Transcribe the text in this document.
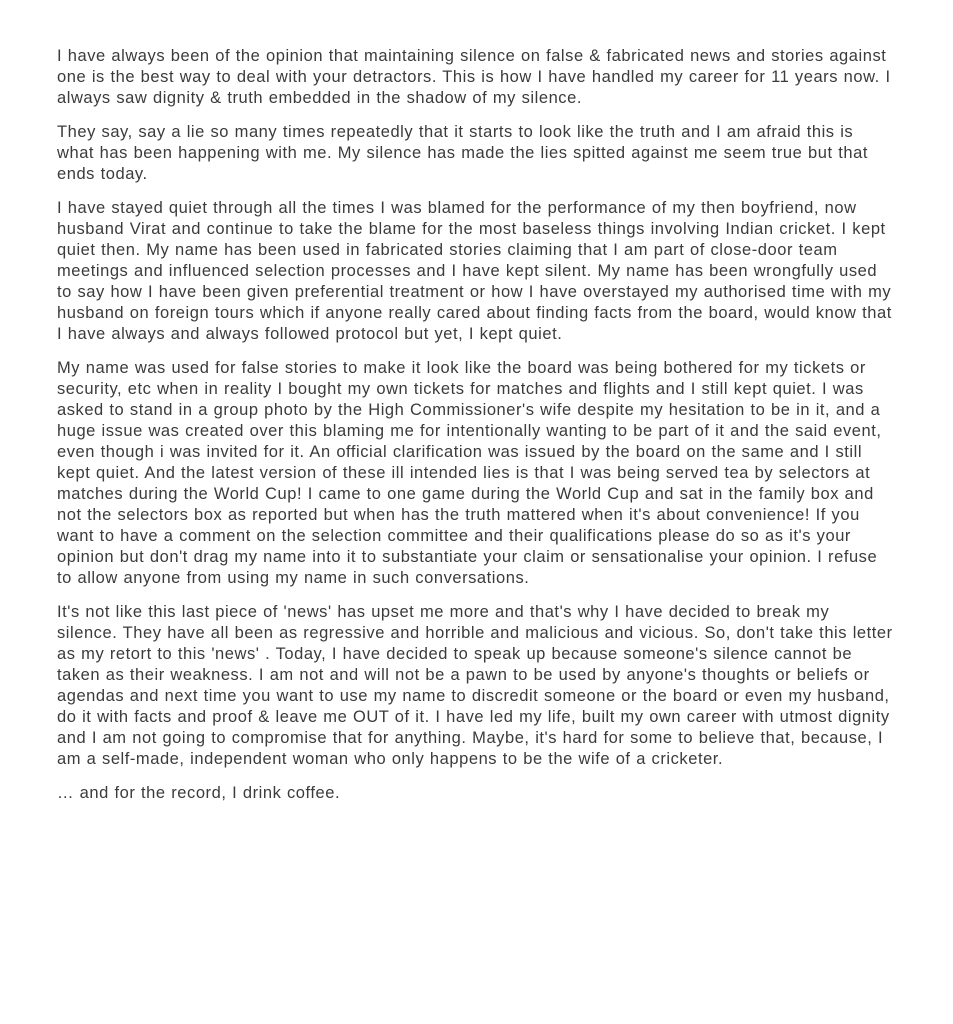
I have always been of the opinion that maintaining silence on false & fabricated news and stories against one is the best way to deal with your detractors. This is how I have handled my career for 11 years now. I always saw dignity & truth embedded in the shadow of my silence.

They say, say a lie so many times repeatedly that it starts to look like the truth and I am afraid this is what has been happening with me. My silence has made the lies spitted against me seem true but that ends today.

I have stayed quiet through all the times I was blamed for the performance of my then boyfriend, now husband Virat and continue to take the blame for the most baseless things involving Indian cricket. I kept quiet then. My name has been used in fabricated stories claiming that I am part of close-door team meetings and influenced selection processes and I have kept silent. My name has been wrongfully used to say how I have been given preferential treatment or how I have overstayed my authorised time with my husband on foreign tours which if anyone really cared about finding facts from the board, would know that I have always and always followed protocol but yet, I kept quiet.

My name was used for false stories to make it look like the board was being bothered for my tickets or security, etc when in reality I bought my own tickets for matches and flights and I still kept quiet. I was asked to stand in a group photo by the High Commissioner's wife despite my hesitation to be in it, and a huge issue was created over this blaming me for intentionally wanting to be part of it and the said event, even though i was invited for it. An official clarification was issued by the board on the same and I still kept quiet. And the latest version of these ill intended lies is that I was being served tea by selectors at matches during the World Cup! I came to one game during the World Cup and sat in the family box and not the selectors box as reported but when has the truth mattered when it's about convenience! If you want to have a comment on the selection committee and their qualifications please do so as it's your opinion but don't drag my name into it to substantiate your claim or sensationalise your opinion. I refuse to allow anyone from using my name in such conversations.

It's not like this last piece of 'news' has upset me more and that's why I have decided to break my silence. They have all been as regressive and horrible and malicious and vicious. So, don't take this letter as my retort to this 'news' . Today, I have decided to speak up because someone's silence cannot be taken as their weakness. I am not and will not be a pawn to be used by anyone's thoughts or beliefs or agendas and next time you want to use my name to discredit someone or the board or even my husband, do it with facts and proof & leave me OUT of it. I have led my life, built my own career with utmost dignity and I am not going to compromise that for anything. Maybe, it's hard for some to believe that, because, I am a self-made, independent woman who only happens to be the wife of a cricketer.

… and for the record, I drink coffee.
